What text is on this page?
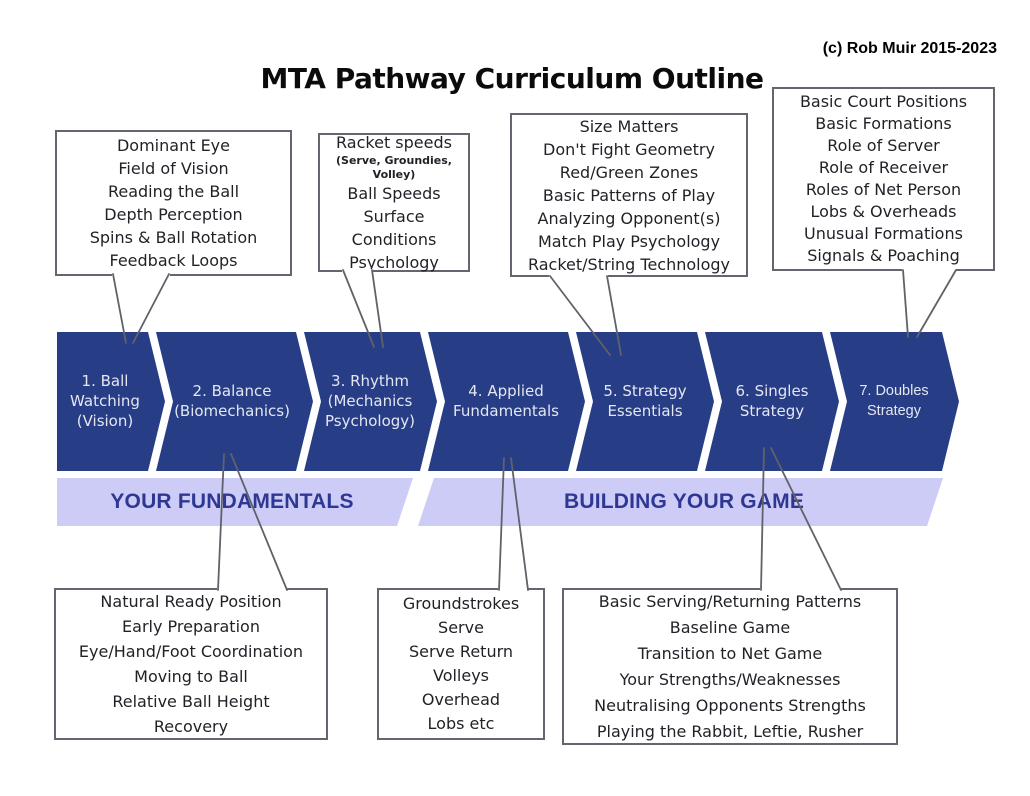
Dominant Eye
Field of Vision
Reading the Ball
Depth Perception
Spins & Ball Rotation
Feedback Loops
Racket speeds
(Serve, Groundies, Volley)
Ball Speeds
Surface
Conditions
Psychology
Size Matters
Don't Fight Geometry
Red/Green Zones
Basic Patterns of Play
Analyzing Opponent(s)
Match Play Psychology
Racket/String Technology
Basic Court Positions
Basic Formations
Role of Server
Role of Receiver
Roles of Net Person
Lobs & Overheads
Unusual Formations
Signals & Poaching
Natural Ready Position
Early Preparation
Eye/Hand/Foot Coordination
Moving to Ball
Relative Ball Height
Recovery
Groundstrokes
Serve
Serve Return
Volleys
Overhead
Lobs etc
Basic Serving/Returning Patterns
Baseline Game
Transition to Net Game
Your Strengths/Weaknesses
Neutralising Opponents Strengths
Playing the Rabbit, Leftie, Rusher
MTA Pathway Curriculum Outline
(c) Rob Muir 2015-2023
1. Ball
Watching
(Vision)
2. Balance
(Biomechanics)
3. Rhythm
(Mechanics
Psychology)
4. Applied
Fundamentals
5. Strategy
Essentials
6. Singles
Strategy
7. Doubles
Strategy
YOUR FUNDAMENTALS	BUILDING YOUR GAME
